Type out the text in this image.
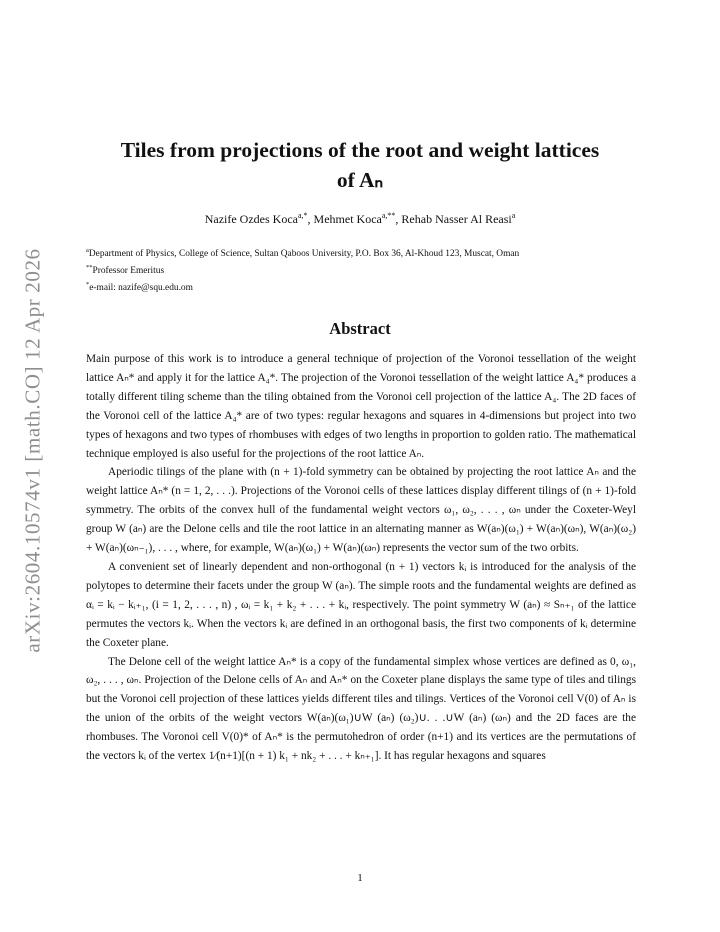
arXiv:2604.10574v1 [math.CO] 12 Apr 2026
Tiles from projections of the root and weight lattices
of Aₙ
Nazife Ozdes Koca$^{a,*}$, Mehmet Koca$^{a,**}$, Rehab Nasser Al Reasi$^a$
$^a$Department of Physics, College of Science, Sultan Qaboos University, P.O. Box 36, Al-Khoud 123, Muscat, Oman
**Professor Emeritus
*e-mail: nazife@squ.edu.om
Abstract

Main purpose of this work is to introduce a general technique of projection of the Voronoi tessellation of the weight lattice Aₙ* and apply it for the lattice A₄*. The projection of the Voronoi tessellation of the weight lattice A₄* produces a totally different tiling scheme than the tiling obtained from the Voronoi cell projection of the lattice A₄. The 2D faces of the Voronoi cell of the lattice A₄* are of two types: regular hexagons and squares in 4-dimensions but project into two types of hexagons and two types of rhombuses with edges of two lengths in proportion to golden ratio. The mathematical technique employed is also useful for the projections of the root lattice Aₙ.

Aperiodic tilings of the plane with (n + 1)-fold symmetry can be obtained by projecting the root lattice Aₙ and the weight lattice Aₙ* (n = 1, 2, . . .). Projections of the Voronoi cells of these lattices display different tilings of (n + 1)-fold symmetry. The orbits of the convex hull of the fundamental weight vectors ω₁, ω₂, . . . , ωₙ under the Coxeter-Weyl group W (aₙ) are the Delone cells and tile the root lattice in an alternating manner as W(aₙ)(ω₁) + W(aₙ)(ωₙ), W(aₙ)(ω₂) + W(aₙ)(ωₙ₋₁), . . . , where, for example, W(aₙ)(ω₁) + W(aₙ)(ωₙ) represents the vector sum of the two orbits.

A convenient set of linearly dependent and non-orthogonal (n + 1) vectors kᵢ is introduced for the analysis of the polytopes to determine their facets under the group W (aₙ). The simple roots and the fundamental weights are defined as αᵢ = kᵢ − kᵢ₊₁, (i = 1, 2, . . . , n) , ωᵢ = k₁ + k₂ + . . . + kᵢ, respectively. The point symmetry W (aₙ) ≈ Sₙ₊₁ of the lattice permutes the vectors kᵢ. When the vectors kᵢ are defined in an orthogonal basis, the first two components of kᵢ determine the Coxeter plane.

The Delone cell of the weight lattice Aₙ* is a copy of the fundamental simplex whose vertices are defined as 0, ω₁, ω₂, . . . , ωₙ. Projection of the Delone cells of Aₙ and Aₙ* on the Coxeter plane displays the same type of tiles and tilings but the Voronoi cell projection of these lattices yields different tiles and tilings. Vertices of the Voronoi cell V(0) of Aₙ is the union of the orbits of the weight vectors W(aₙ)(ω₁)∪W (aₙ) (ω₂)∪. . .∪W (aₙ) (ωₙ) and the 2D faces are the rhombuses. The Voronoi cell V(0)* of Aₙ* is the permutohedron of order (n+1) and its vertices are the permutations of the vectors kᵢ of the vertex 1⁄(n+1)[(n + 1) k₁ + nk₂ + . . . + kₙ₊₁]. It has regular hexagons and squares

1
